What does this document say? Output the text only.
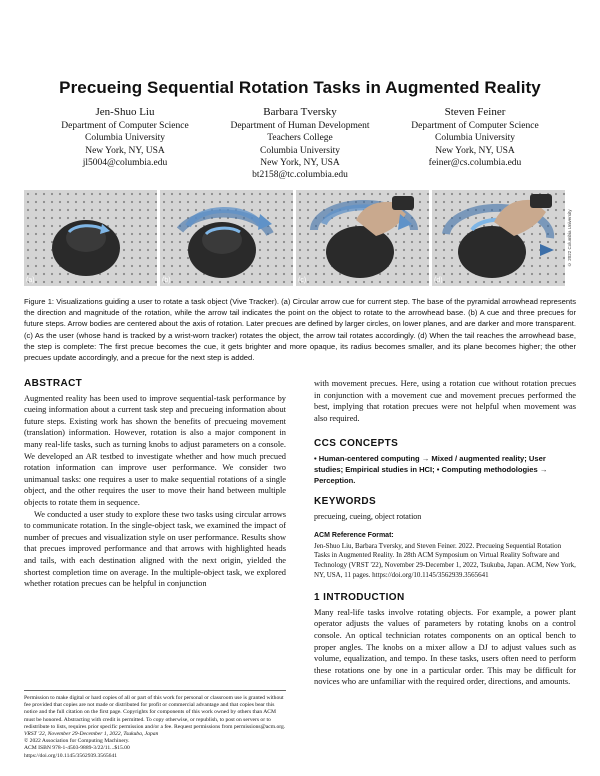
Precueing Sequential Rotation Tasks in Augmented Reality
Jen-Shuo Liu
Department of Computer Science
Columbia University
New York, NY, USA
jl5004@columbia.edu
Barbara Tversky
Department of Human Development
Teachers College
Columbia University
New York, NY, USA
bt2158@tc.columbia.edu
Steven Feiner
Department of Computer Science
Columbia University
New York, NY, USA
feiner@cs.columbia.edu
(a)	(b)	(c)	(d)
© 2022 Columbia University
Figure 1: Visualizations guiding a user to rotate a task object (Vive Tracker). (a) Circular arrow cue for current step. The base of the pyramidal arrowhead represents the direction and magnitude of the rotation, while the arrow tail indicates the point on the object to rotate to the arrowhead base. (b) A cue and three precues for future steps. Arrow bodies are centered about the axis of rotation. Later precues are defined by larger circles, on lower planes, and are darker and more transparent. (c) As the user (whose hand is tracked by a wrist-worn tracker) rotates the object, the arrow tail rotates accordingly. (d) When the tail reaches the arrowhead base, the step is complete: The first precue becomes the cue, it gets brighter and more opaque, its radius becomes smaller, and its plane becomes higher; the other precues update accordingly, and a precue for the next step is added.
ABSTRACT

Augmented reality has been used to improve sequential-task performance by cueing information about a current task step and precueing information about future steps. Existing work has shown the benefits of precueing movement (translation) information. However, rotation is also a major component in many real-life tasks, such as turning knobs to adjust parameters on a console. We developed an AR testbed to investigate whether and how much precued rotation information can improve user performance. We consider two unimanual tasks: one requires a user to make sequential rotations of a single object, and the other requires the user to move their hand between multiple objects to rotate them in sequence.

We conducted a user study to explore these two tasks using circular arrows to communicate rotation. In the single-object task, we examined the impact of number of precues and visualization style on user performance. Results show that precues improved performance and that arrows with highlighted heads and tails, with each destination aligned with the next origin, yielded the shortest completion time on average. In the multiple-object task, we explored whether rotation precues can be helpful in conjunction

Permission to make digital or hard copies of all or part of this work for personal or classroom use is granted without fee provided that copies are not made or distributed for profit or commercial advantage and that copies bear this notice and the full citation on the first page. Copyrights for components of this work owned by others than ACM must be honored. Abstracting with credit is permitted. To copy otherwise, or republish, to post on servers or to redistribute to lists, requires prior specific permission and/or a fee. Request permissions from permissions@acm.org.
VRST '22, November 29-December 1, 2022, Tsukuba, Japan
© 2022 Association for Computing Machinery.
ACM ISBN 978-1-4503-9889-3/22/11...$15.00
https://doi.org/10.1145/3562939.3565641

with movement precues. Here, using a rotation cue without rotation precues in conjunction with a movement cue and movement precues performed the best, implying that rotation precues were not helpful when movement was also required.

CCS CONCEPTS
• Human-centered computing → Mixed / augmented reality; User studies; Empirical studies in HCI; • Computing methodologies → Perception.
KEYWORDS
precueing, cueing, object rotation
ACM Reference Format:
Jen-Shuo Liu, Barbara Tversky, and Steven Feiner. 2022. Precueing Sequential Rotation Tasks in Augmented Reality. In 28th ACM Symposium on Virtual Reality Software and Technology (VRST '22), November 29-December 1, 2022, Tsukuba, Japan. ACM, New York, NY, USA, 11 pages. https://doi.org/10.1145/3562939.3565641
1 INTRODUCTION

Many real-life tasks involve rotating objects. For example, a power plant operator adjusts the values of parameters by rotating knobs on a control console. An optical technician rotates components on an optical bench to proper angles. The knobs on a mixer allow a DJ to adjust values such as volume, equalization, and tempo. In these tasks, users often need to perform these rotations one by one in a particular order. This may be difficult for novices who are unfamiliar with the required order, directions, and amounts.
